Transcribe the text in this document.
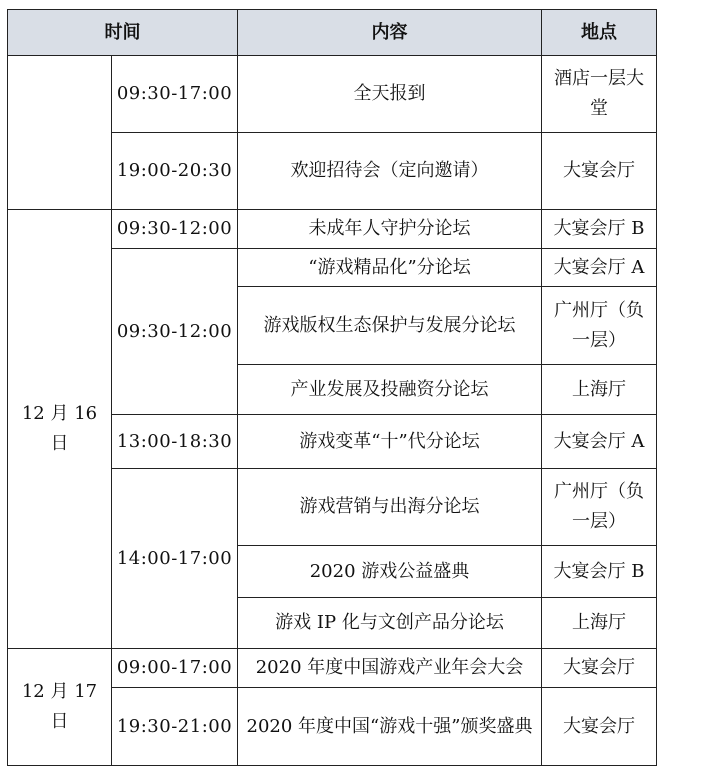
时间		内容	地点
	09:30-17:00	全天报到	酒店一层大堂
	19:00-20:30	欢迎招待会（定向邀请）	大宴会厅
12 月 16 日	09:30-12:00	未成年人守护分论坛	大宴会厅 B
	09:30-12:00	“游戏精品化”分论坛	大宴会厅 A
		游戏版权生态保护与发展分论坛	广州厅（负一层）
		产业发展及投融资分论坛	上海厅
	13:00-18:30	游戏变革“十”代分论坛	大宴会厅 A
	14:00-17:00	游戏营销与出海分论坛	广州厅（负一层）
		2020 游戏公益盛典	大宴会厅 B
		游戏 IP 化与文创产品分论坛	上海厅
12 月 17 日	09:00-17:00	2020 年度中国游戏产业年会大会	大宴会厅
	19:30-21:00	2020 年度中国“游戏十强”颁奖盛典	大宴会厅
